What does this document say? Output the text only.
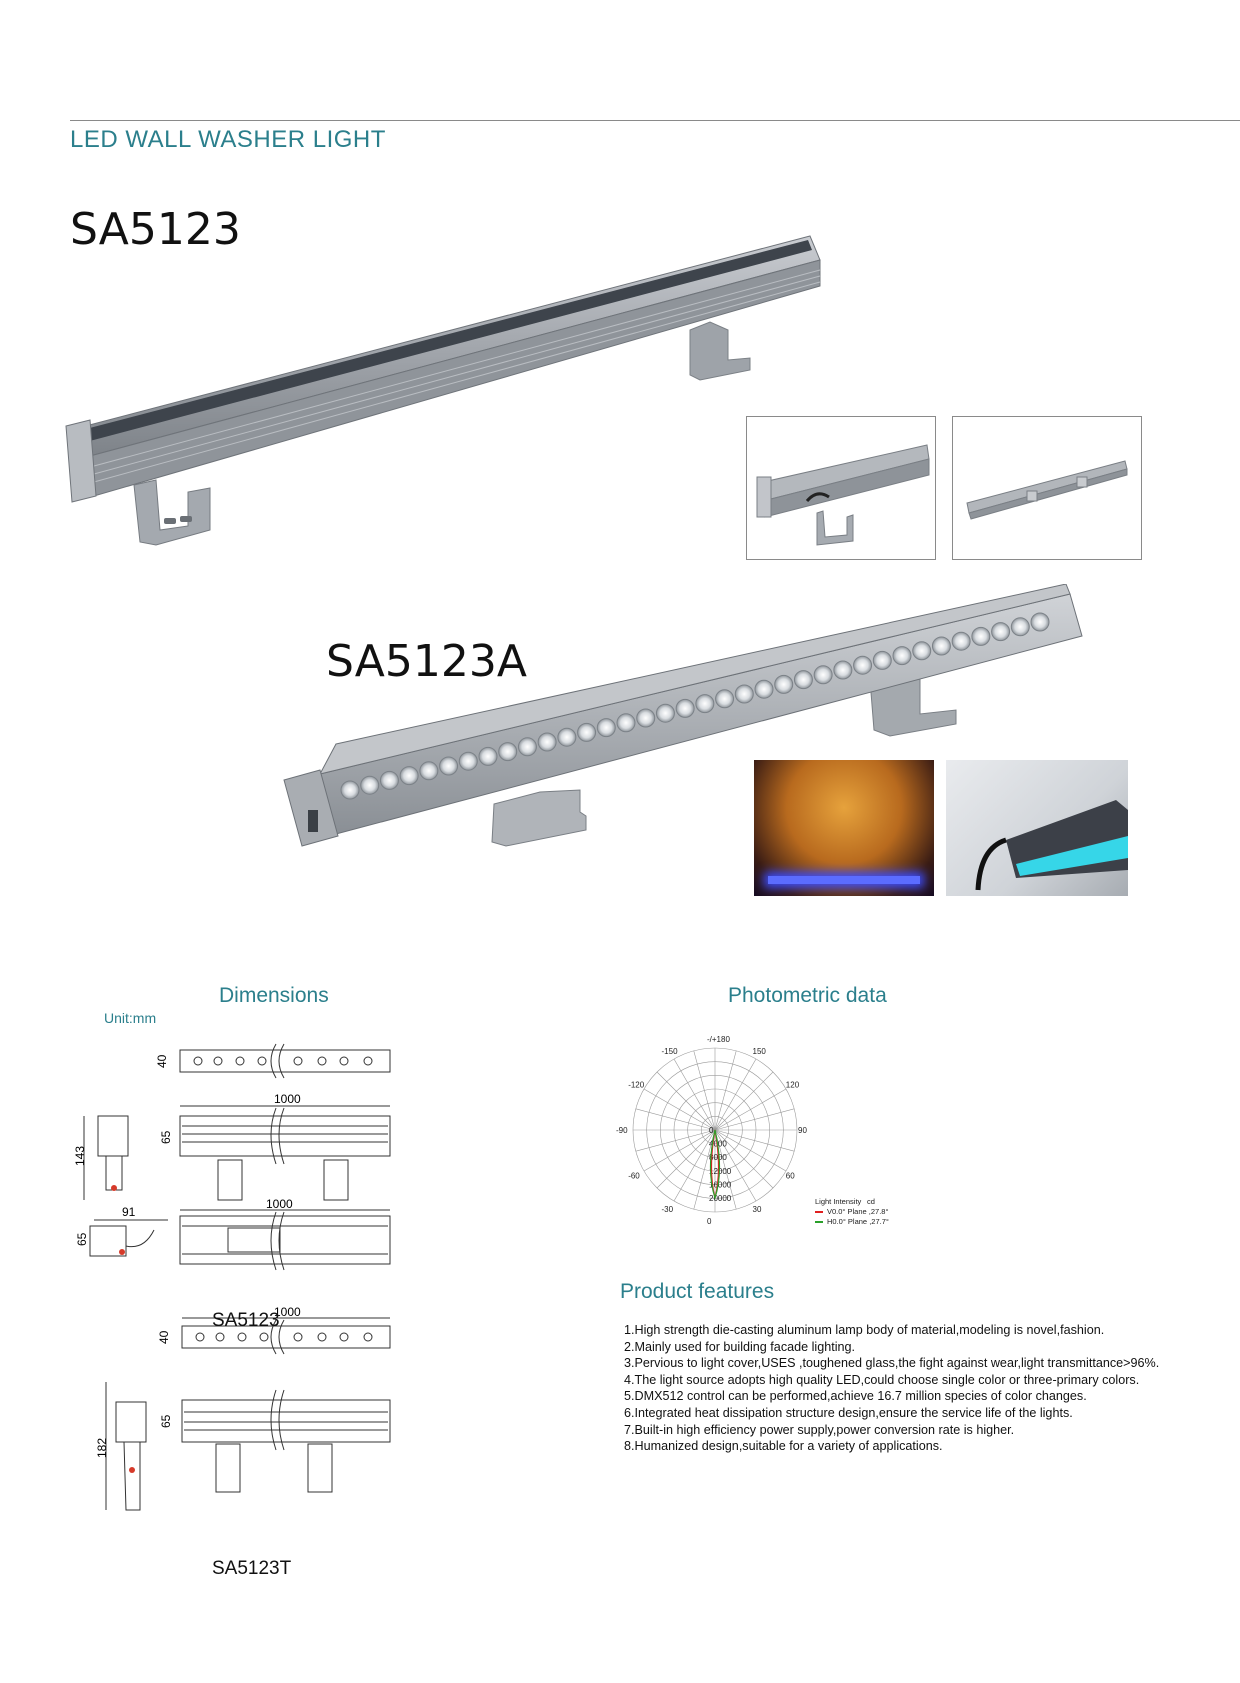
LED WALL WASHER LIGHT
SA5123
SA5123A
Dimensions
Unit:mm
40
1000
65
143
91
1000
65
1000
40
65
182
SA5123
SA5123T
Photometric data
-/+180
-150	150
-120	120
-90	90
-60	60
-30	30
0
0
4000
8000
12000
16000
20000	Light Intensity cd
V0.0° Plane ,27.8°
H0.0° Plane ,27.7°
Product features
1.High strength die-casting aluminum lamp body of material,modeling is novel,fashion.
2.Mainly used for building facade lighting.
3.Pervious to light cover,USES ,toughened glass,the fight against wear,light transmittance>96%.
4.The light source adopts high quality LED,could choose single color or three-primary colors.
5.DMX512 control can be performed,achieve 16.7 million species of color changes.
6.Integrated heat dissipation structure design,ensure the service life of the lights.
7.Built-in high efficiency power supply,power conversion rate is higher.
8.Humanized design,suitable for a variety of applications.
